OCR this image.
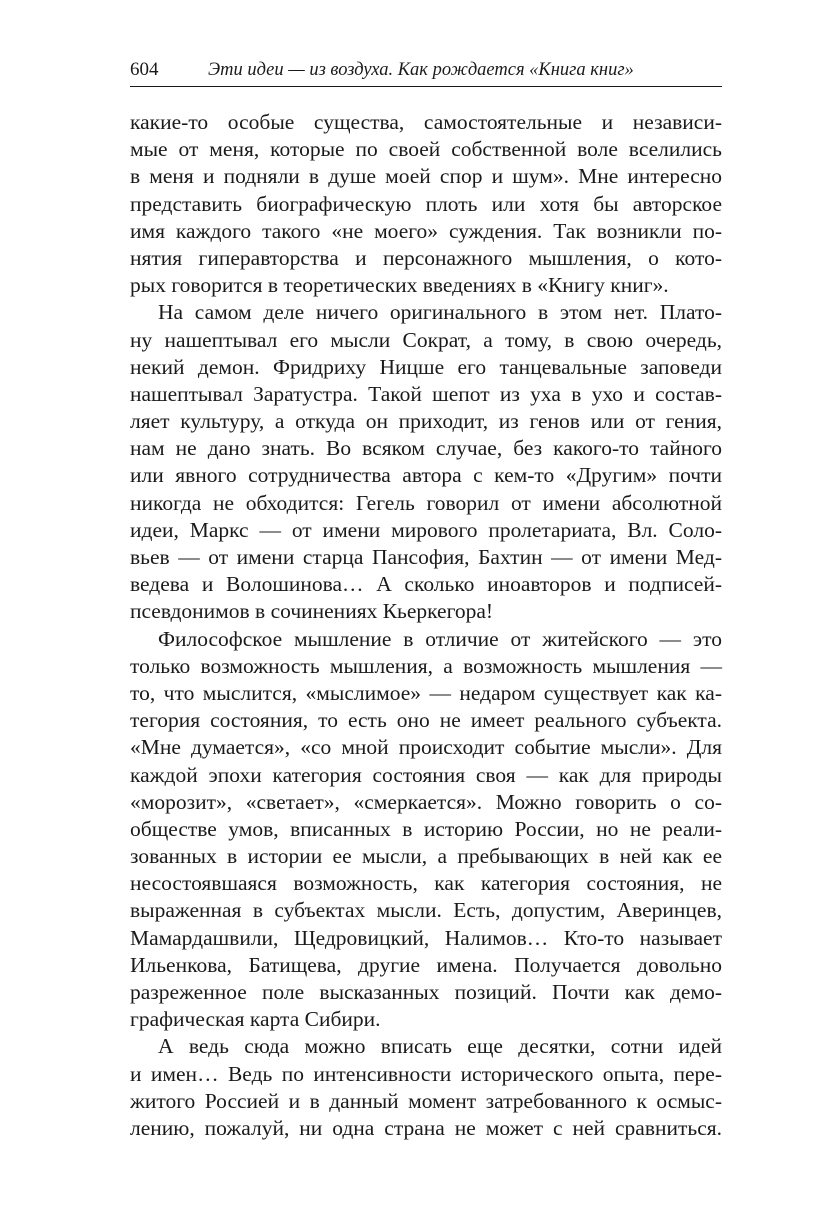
604	Эти идеи — из воздуха. Как рождается «Книга книг»
какие-то особые существа, самостоятельные и независи-
мые от меня, которые по своей собственной воле вселились
в меня и подняли в душе моей спор и шум». Мне интересно
представить биографическую плоть или хотя бы авторское
имя каждого такого «не моего» суждения. Так возникли по-
нятия гиперавторства и персонажного мышления, о кото-
рых говорится в теоретических введениях в «Книгу книг».
На самом деле ничего оригинального в этом нет. Плато-
ну нашептывал его мысли Сократ, а тому, в свою очередь,
некий демон. Фридриху Ницше его танцевальные заповеди
нашептывал Заратустра. Такой шепот из уха в ухо и состав-
ляет культуру, а откуда он приходит, из генов или от гения,
нам не дано знать. Во всяком случае, без какого-то тайного
или явного сотрудничества автора с кем-то «Другим» почти
никогда не обходится: Гегель говорил от имени абсолютной
идеи, Маркс — от имени мирового пролетариата, Вл. Соло-
вьев — от имени старца Пансофия, Бахтин — от имени Мед-
ведева и Волошинова… А сколько иноавторов и подписей-
псевдонимов в сочинениях Кьеркегора!
Философское мышление в отличие от житейского — это
только возможность мышления, а возможность мышления —
то, что мыслится, «мыслимое» — недаром существует как ка-
тегория состояния, то есть оно не имеет реального субъекта.
«Мне думается», «со мной происходит событие мысли». Для
каждой эпохи категория состояния своя — как для природы
«морозит», «светает», «смеркается». Можно говорить о со-
обществе умов, вписанных в историю России, но не реали-
зованных в истории ее мысли, а пребывающих в ней как ее
несостоявшаяся возможность, как категория состояния, не
выраженная в субъектах мысли. Есть, допустим, Аверинцев,
Мамардашвили, Щедровицкий, Налимов… Кто-то называет
Ильенкова, Батищева, другие имена. Получается довольно
разреженное поле высказанных позиций. Почти как демо-
графическая карта Сибири.
А ведь сюда можно вписать еще десятки, сотни идей
и имен… Ведь по интенсивности исторического опыта, пере-
житого Россией и в данный момент затребованного к осмыс-
лению, пожалуй, ни одна страна не может с ней сравниться.
